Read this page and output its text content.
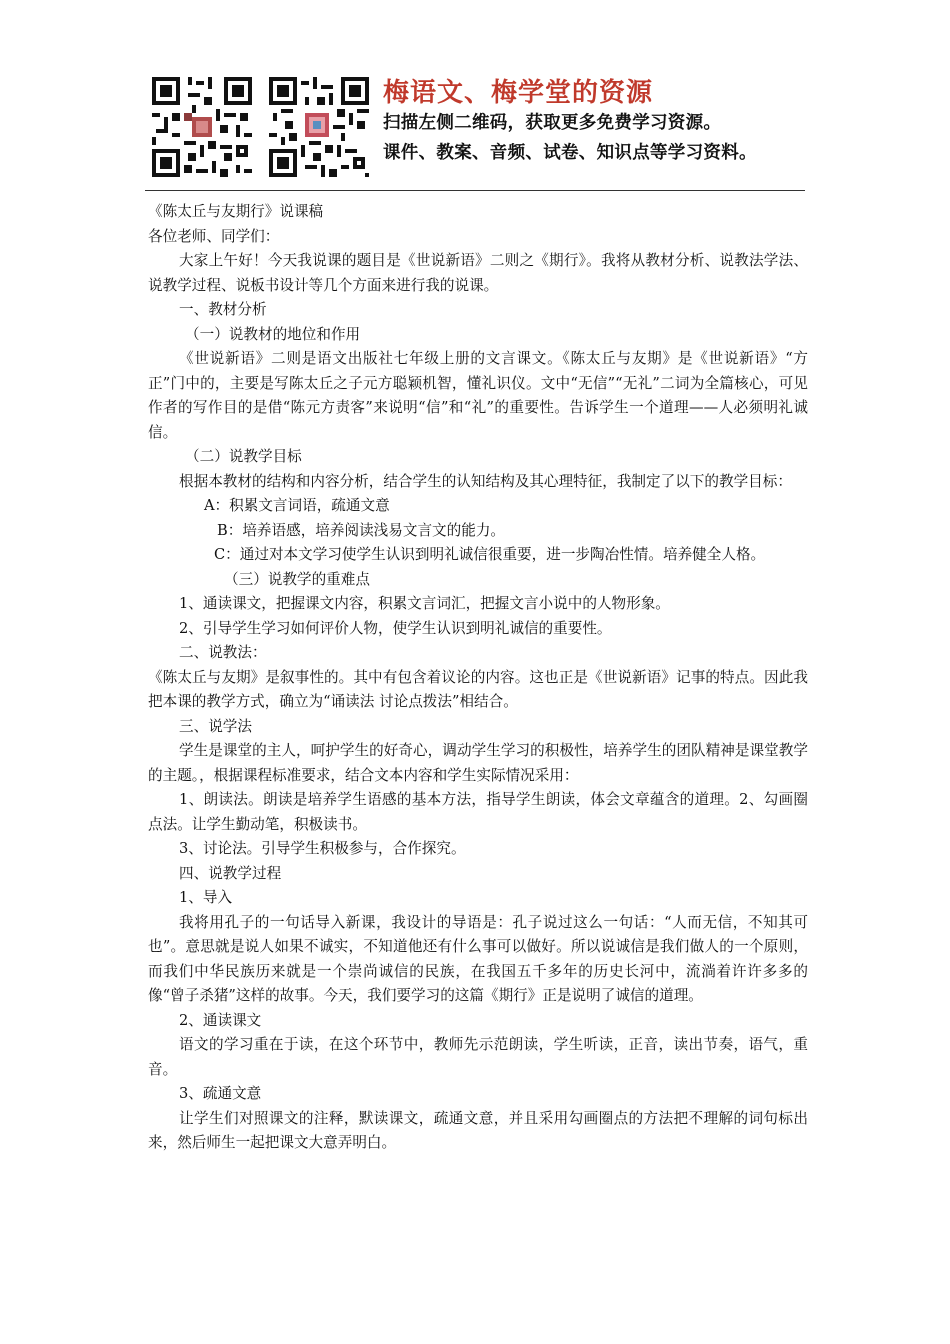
梅语文、梅学堂的资源
扫描左侧二维码，获取更多免费学习资源。
课件、教案、音频、试卷、知识点等学习资料。

《陈太丘与友期行》说课稿

各位老师、同学们：

大家上午好！今天我说课的题目是《世说新语》二则之《期行》。我将从教材分析、说教法学法、说教学过程、说板书设计等几个方面来进行我的说课。

一、教材分析

（一）说教材的地位和作用

《世说新语》二则是语文出版社七年级上册的文言课文。《陈太丘与友期》是《世说新语》“方正”门中的，主要是写陈太丘之子元方聪颖机智，懂礼识仪。文中“无信”“无礼”二词为全篇核心，可见作者的写作目的是借“陈元方责客”来说明“信”和“礼”的重要性。告诉学生一个道理——人必须明礼诚信。

（二）说教学目标

根据本教材的结构和内容分析，结合学生的认知结构及其心理特征，我制定了以下的教学目标：

A：积累文言词语，疏通文意

B：培养语感，培养阅读浅易文言文的能力。

C：通过对本文学习使学生认识到明礼诚信很重要，进一步陶冶性情。培养健全人格。

（三）说教学的重难点

1、通读课文，把握课文内容，积累文言词汇，把握文言小说中的人物形象。

2、引导学生学习如何评价人物，使学生认识到明礼诚信的重要性。

二、说教法：

《陈太丘与友期》是叙事性的。其中有包含着议论的内容。这也正是《世说新语》记事的特点。因此我把本课的教学方式，确立为“诵读法 讨论点拨法”相结合。

三、说学法

学生是课堂的主人，呵护学生的好奇心，调动学生学习的积极性，培养学生的团队精神是课堂教学的主题。，根据课程标准要求，结合文本内容和学生实际情况采用：

1、朗读法。朗读是培养学生语感的基本方法，指导学生朗读，体会文章蕴含的道理。2、勾画圈点法。让学生勤动笔，积极读书。

3、讨论法。引导学生积极参与，合作探究。

四、说教学过程

1、导入

我将用孔子的一句话导入新课，我设计的导语是：孔子说过这么一句话：“人而无信，不知其可也”。意思就是说人如果不诚实，不知道他还有什么事可以做好。所以说诚信是我们做人的一个原则，而我们中华民族历来就是一个崇尚诚信的民族，在我国五千多年的历史长河中，流淌着许许多多的像“曾子杀猪”这样的故事。今天，我们要学习的这篇《期行》正是说明了诚信的道理。

2、通读课文

语文的学习重在于读，在这个环节中，教师先示范朗读，学生听读，正音，读出节奏，语气，重音。

3、疏通文意

让学生们对照课文的注释，默读课文，疏通文意，并且采用勾画圈点的方法把不理解的词句标出来，然后师生一起把课文大意弄明白。
